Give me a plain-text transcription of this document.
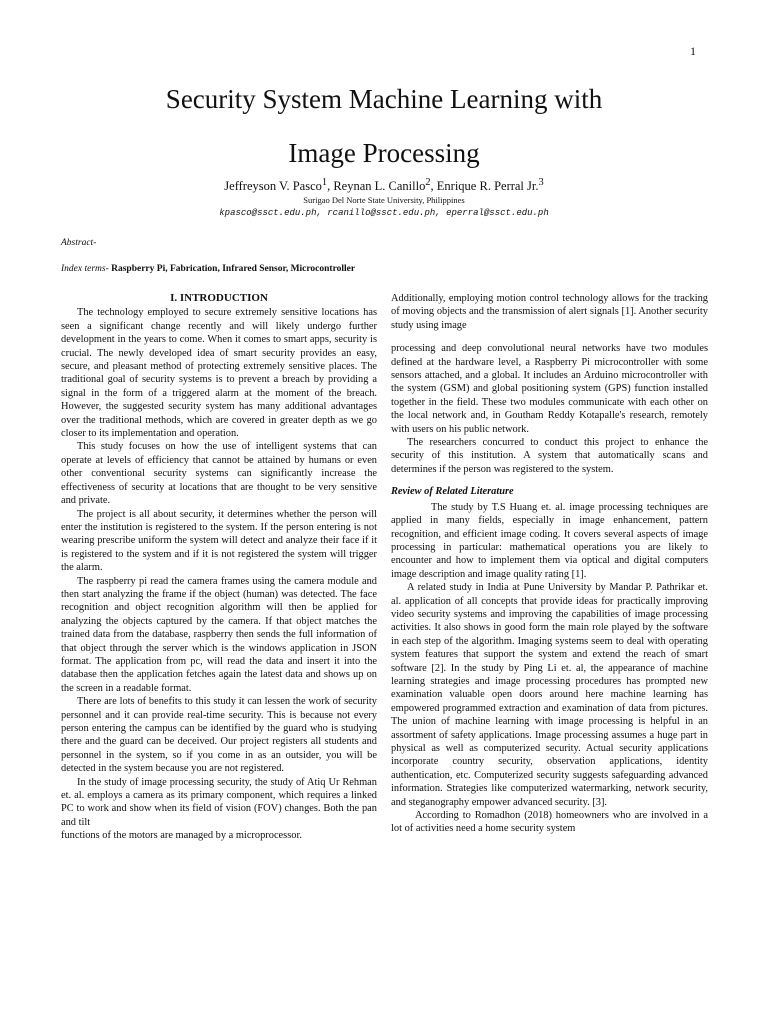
1
Security System Machine Learning with
Image Processing
Jeffreyson V. Pasco$^1$, Reynan L. Canillo$^2$, Enrique R. Perral Jr.$^3$
Surigao Del Norte State University, Philippines
kpasco@ssct.edu.ph, rcanillo@ssct.edu.ph, eperral@ssct.edu.ph
Abstract-
Index terms- Raspberry Pi, Fabrication, Infrared Sensor, Microcontroller
I. INTRODUCTION

The technology employed to secure extremely sensitive locations has seen a significant change recently and will likely undergo further development in the years to come. When it comes to smart apps, security is crucial. The newly developed idea of smart security provides an easy, secure, and pleasant method of protecting extremely sensitive places. The traditional goal of security systems is to prevent a breach by providing a signal in the form of a triggered alarm at the moment of the breach. However, the suggested security system has many additional advantages over the traditional methods, which are covered in greater depth as we go closer to its implementation and operation.

This study focuses on how the use of intelligent systems that can operate at levels of efficiency that cannot be attained by humans or even other conventional security systems can significantly increase the effectiveness of security at locations that are thought to be very sensitive and private.

The project is all about security, it determines whether the person will enter the institution is registered to the system. If the person entering is not wearing prescribe uniform the system will detect and analyze their face if it is registered to the system and if it is not registered the system will trigger the alarm.

The raspberry pi read the camera frames using the camera module and then start analyzing the frame if the object (human) was detected. The face recognition and object recognition algorithm will then be applied for analyzing the objects captured by the camera. If that object matches the trained data from the database, raspberry then sends the full information of that object through the server which is the windows application in JSON format. The application from pc, will read the data and insert it into the database then the application fetches again the latest data and shows up on the screen in a readable format.

There are lots of benefits to this study it can lessen the work of security personnel and it can provide real-time security. This is because not every person entering the campus can be identified by the guard who is studying there and the guard can be deceived. Our project registers all students and personnel in the system, so if you come in as an outsider, you will be detected in the system because you are not registered.

In the study of image processing security, the study of Atiq Ur Rehman et. al. employs a camera as its primary component, which requires a linked PC to work and show when its field of vision (FOV) changes. Both the pan and tilt

functions of the motors are managed by a microprocessor.

Additionally, employing motion control technology allows for the tracking of moving objects and the transmission of alert signals [1]. Another security study using image

processing and deep convolutional neural networks have two modules defined at the hardware level, a Raspberry Pi microcontroller with some sensors attached, and a global. It includes an Arduino microcontroller with the system (GSM) and global positioning system (GPS) function installed together in the field. These two modules communicate with each other on the local network and, in Goutham Reddy Kotapalle's research, remotely with users on his public network.

The researchers concurred to conduct this project to enhance the security of this institution. A system that automatically scans and determines if the person was registered to the system.

Review of Related Literature

The study by T.S Huang et. al. image processing techniques are applied in many fields, especially in image enhancement, pattern recognition, and efficient image coding. It covers several aspects of image processing in particular: mathematical operations you are likely to encounter and how to implement them via optical and digital computers image description and image quality rating [1].

A related study in India at Pune University by Mandar P. Pathrikar et. al. application of all concepts that provide ideas for practically improving video security systems and improving the capabilities of image processing activities. It also shows in good form the main role played by the software in each step of the algorithm. Imaging systems seem to deal with operating system features that support the system and extend the reach of smart software [2]. In the study by Ping Li et. al, the appearance of machine learning strategies and image processing procedures has prompted new examination valuable open doors around here machine learning has empowered programmed extraction and examination of data from pictures. The union of machine learning with image processing is helpful in an assortment of safety applications. Image processing assumes a huge part in physical as well as computerized security. Actual security applications incorporate country security, observation applications, identity authentication, etc. Computerized security suggests safeguarding advanced information. Strategies like computerized watermarking, network security, and steganography empower advanced security. [3].

According to Romadhon (2018) homeowners who are involved in a lot of activities need a home security system
